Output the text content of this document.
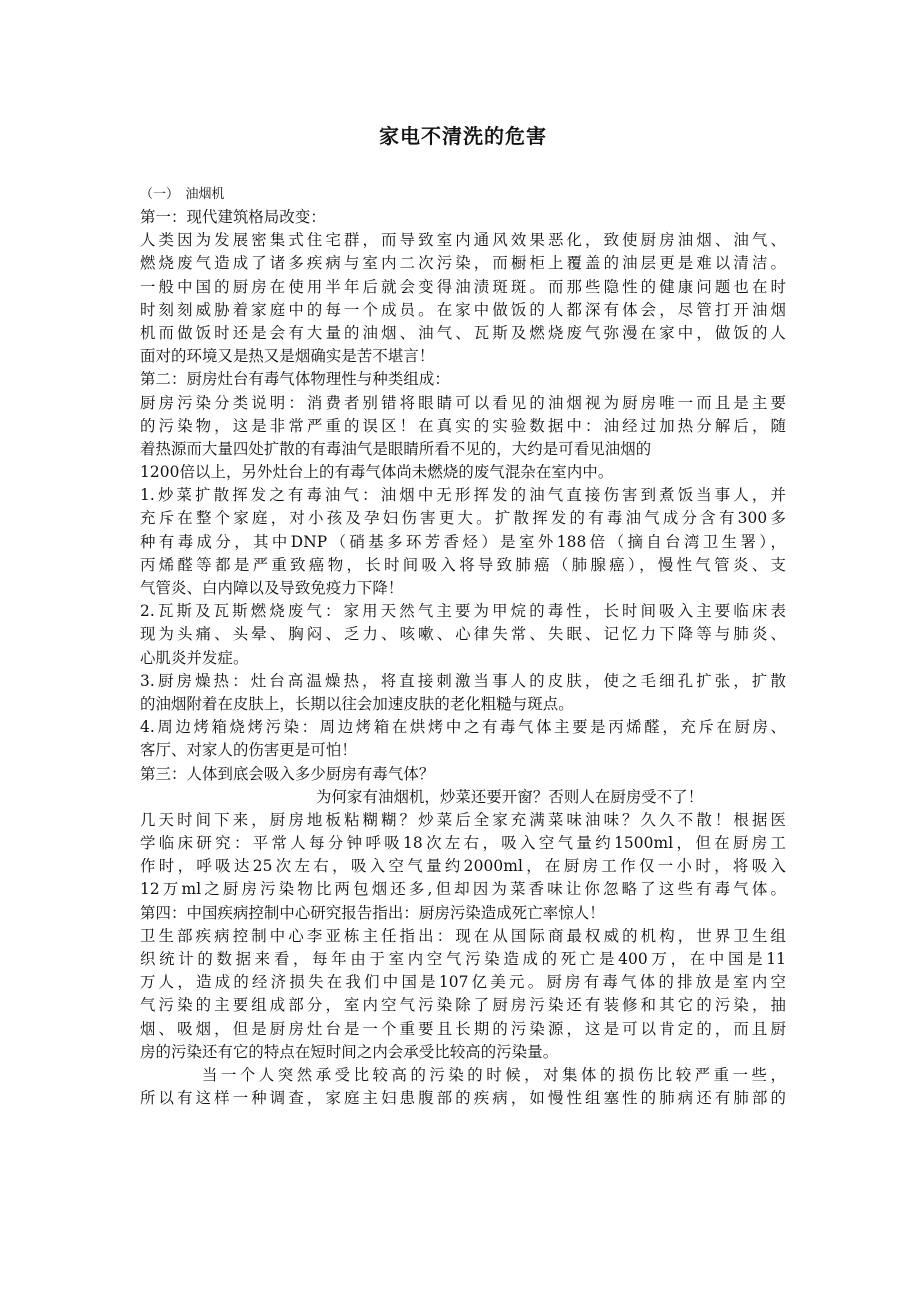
家电不清洗的危害
（一）　油烟机
第一：现代建筑格局改变：
人类因为发展密集式住宅群，而导致室内通风效果恶化，致使厨房油烟、油气、
燃烧废气造成了诸多疾病与室内二次污染，而橱柜上覆盖的油层更是难以清洁。
一般中国的厨房在使用半年后就会变得油渍斑斑。而那些隐性的健康问题也在时
时刻刻威胁着家庭中的每一个成员。在家中做饭的人都深有体会，尽管打开油烟
机而做饭时还是会有大量的油烟、油气、瓦斯及燃烧废气弥漫在家中，做饭的人
面对的环境又是热又是烟确实是苦不堪言！
第二：厨房灶台有毒气体物理性与种类组成：
厨房污染分类说明：消费者别错将眼睛可以看见的油烟视为厨房唯一而且是主要
的污染物，这是非常严重的误区！在真实的实验数据中：油经过加热分解后，随
着热源而大量四处扩散的有毒油气是眼睛所看不见的，大约是可看见油烟的
1200倍以上，另外灶台上的有毒气体尚未燃烧的废气混杂在室内中。
1.炒菜扩散挥发之有毒油气：油烟中无形挥发的油气直接伤害到煮饭当事人，并
充斥在整个家庭，对小孩及孕妇伤害更大。扩散挥发的有毒油气成分含有300多
种有毒成分，其中DNP（硝基多环芳香烃）是室外188倍（摘自台湾卫生署），
丙烯醛等都是严重致癌物，长时间吸入将导致肺癌（肺腺癌），慢性气管炎、支
气管炎、白内障以及导致免疫力下降！
2.瓦斯及瓦斯燃烧废气：家用天然气主要为甲烷的毒性，长时间吸入主要临床表
现为头痛、头晕、胸闷、乏力、咳嗽、心律失常、失眠、记忆力下降等与肺炎、
心肌炎并发症。
3.厨房燥热：灶台高温燥热，将直接刺激当事人的皮肤，使之毛细孔扩张，扩散
的油烟附着在皮肤上，长期以往会加速皮肤的老化粗糙与斑点。
4.周边烤箱烧烤污染：周边烤箱在烘烤中之有毒气体主要是丙烯醛，充斥在厨房、
客厅、对家人的伤害更是可怕！
第三：人体到底会吸入多少厨房有毒气体？
为何家有油烟机，炒菜还要开窗？否则人在厨房受不了！
几天时间下来，厨房地板粘糊糊？炒菜后全家充满菜味油味？久久不散！根据医
学临床研究：平常人每分钟呼吸18次左右，吸入空气量约1500ml，但在厨房工
作时，呼吸达25次左右，吸入空气量约2000ml，在厨房工作仅一小时，将吸入
12万ml之厨房污染物比两包烟还多,但却因为菜香味让你忽略了这些有毒气体。
第四：中国疾病控制中心研究报告指出：厨房污染造成死亡率惊人！
卫生部疾病控制中心李亚栋主任指出：现在从国际商最权威的机构，世界卫生组
织统计的数据来看，每年由于室内空气污染造成的死亡是400万，在中国是11
万人，造成的经济损失在我们中国是107亿美元。厨房有毒气体的排放是室内空
气污染的主要组成部分，室内空气污染除了厨房污染还有装修和其它的污染，抽
烟、吸烟，但是厨房灶台是一个重要且长期的污染源，这是可以肯定的，而且厨
房的污染还有它的特点在短时间之内会承受比较高的污染量。
当一个人突然承受比较高的污染的时候，对集体的损伤比较严重一些，
所以有这样一种调查，家庭主妇患腹部的疾病，如慢性组塞性的肺病还有肺部的
